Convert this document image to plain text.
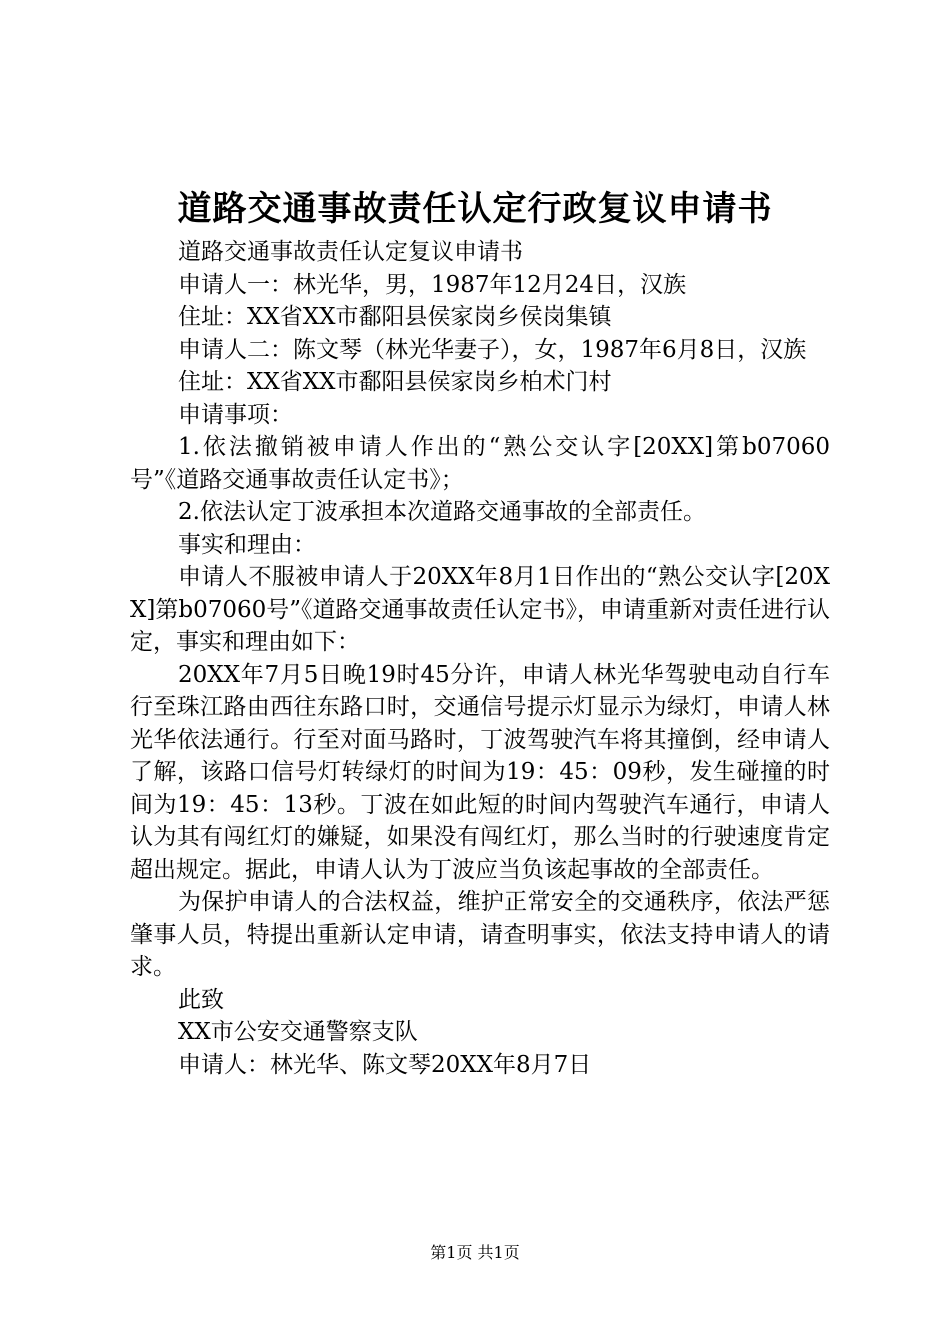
道路交通事故责任认定行政复议申请书

道路交通事故责任认定复议申请书

申请人一：林光华，男，1987年12月24日，汉族

住址：XX省XX市鄱阳县侯家岗乡侯岗集镇

申请人二：陈文琴（林光华妻子），女，1987年6月8日，汉族

住址：XX省XX市鄱阳县侯家岗乡柏术门村

申请事项：

1.依法撤销被申请人作出的“熟公交认字[20XX]第b07060号”《道路交通事故责任认定书》；

2.依法认定丁波承担本次道路交通事故的全部责任。

事实和理由：

申请人不服被申请人于20XX年8月1日作出的“熟公交认字[20XX]第b07060号”《道路交通事故责任认定书》，申请重新对责任进行认定，事实和理由如下：

20XX年7月5日晚19时45分许，申请人林光华驾驶电动自行车行至珠江路由西往东路口时，交通信号提示灯显示为绿灯，申请人林光华依法通行。行至对面马路时，丁波驾驶汽车将其撞倒，经申请人了解，该路口信号灯转绿灯的时间为19：45：09秒，发生碰撞的时间为19：45：13秒。丁波在如此短的时间内驾驶汽车通行，申请人认为其有闯红灯的嫌疑，如果没有闯红灯，那么当时的行驶速度肯定超出规定。据此，申请人认为丁波应当负该起事故的全部责任。

为保护申请人的合法权益，维护正常安全的交通秩序，依法严惩肇事人员，特提出重新认定申请，请查明事实，依法支持申请人的请求。

此致

XX市公安交通警察支队

申请人：林光华、陈文琴20XX年8月7日

第1页 共1页
